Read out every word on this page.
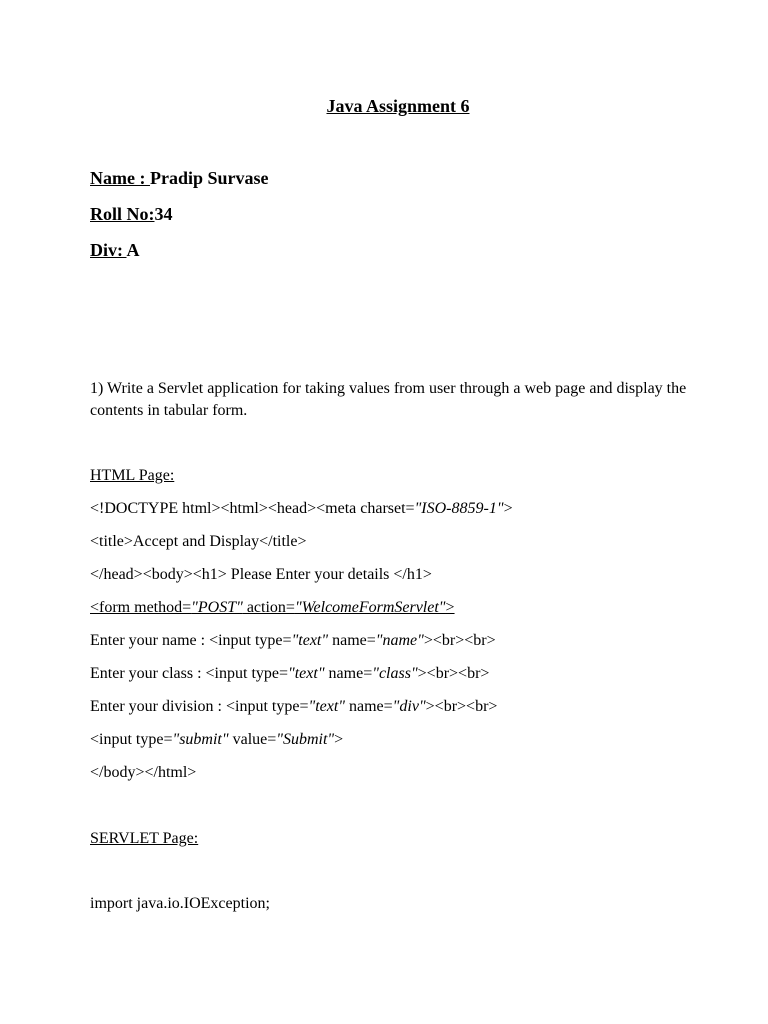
Java Assignment 6
Name : Pradip Survase
Roll No:34
Div: A
1) Write a Servlet application for taking values from user through a web page and display the contents in tabular form.
HTML Page:
<!DOCTYPE html><html><head><meta charset="ISO-8859-1">
<title>Accept and Display</title>
</head><body><h1> Please Enter your details </h1>
<form method="POST" action="WelcomeFormServlet">
Enter your name : <input type="text" name="name"><br><br>
Enter your class : <input type="text" name="class"><br><br>
Enter your division : <input type="text" name="div"><br><br>
<input type="submit" value="Submit">
</body></html>
SERVLET Page:
import java.io.IOException;
